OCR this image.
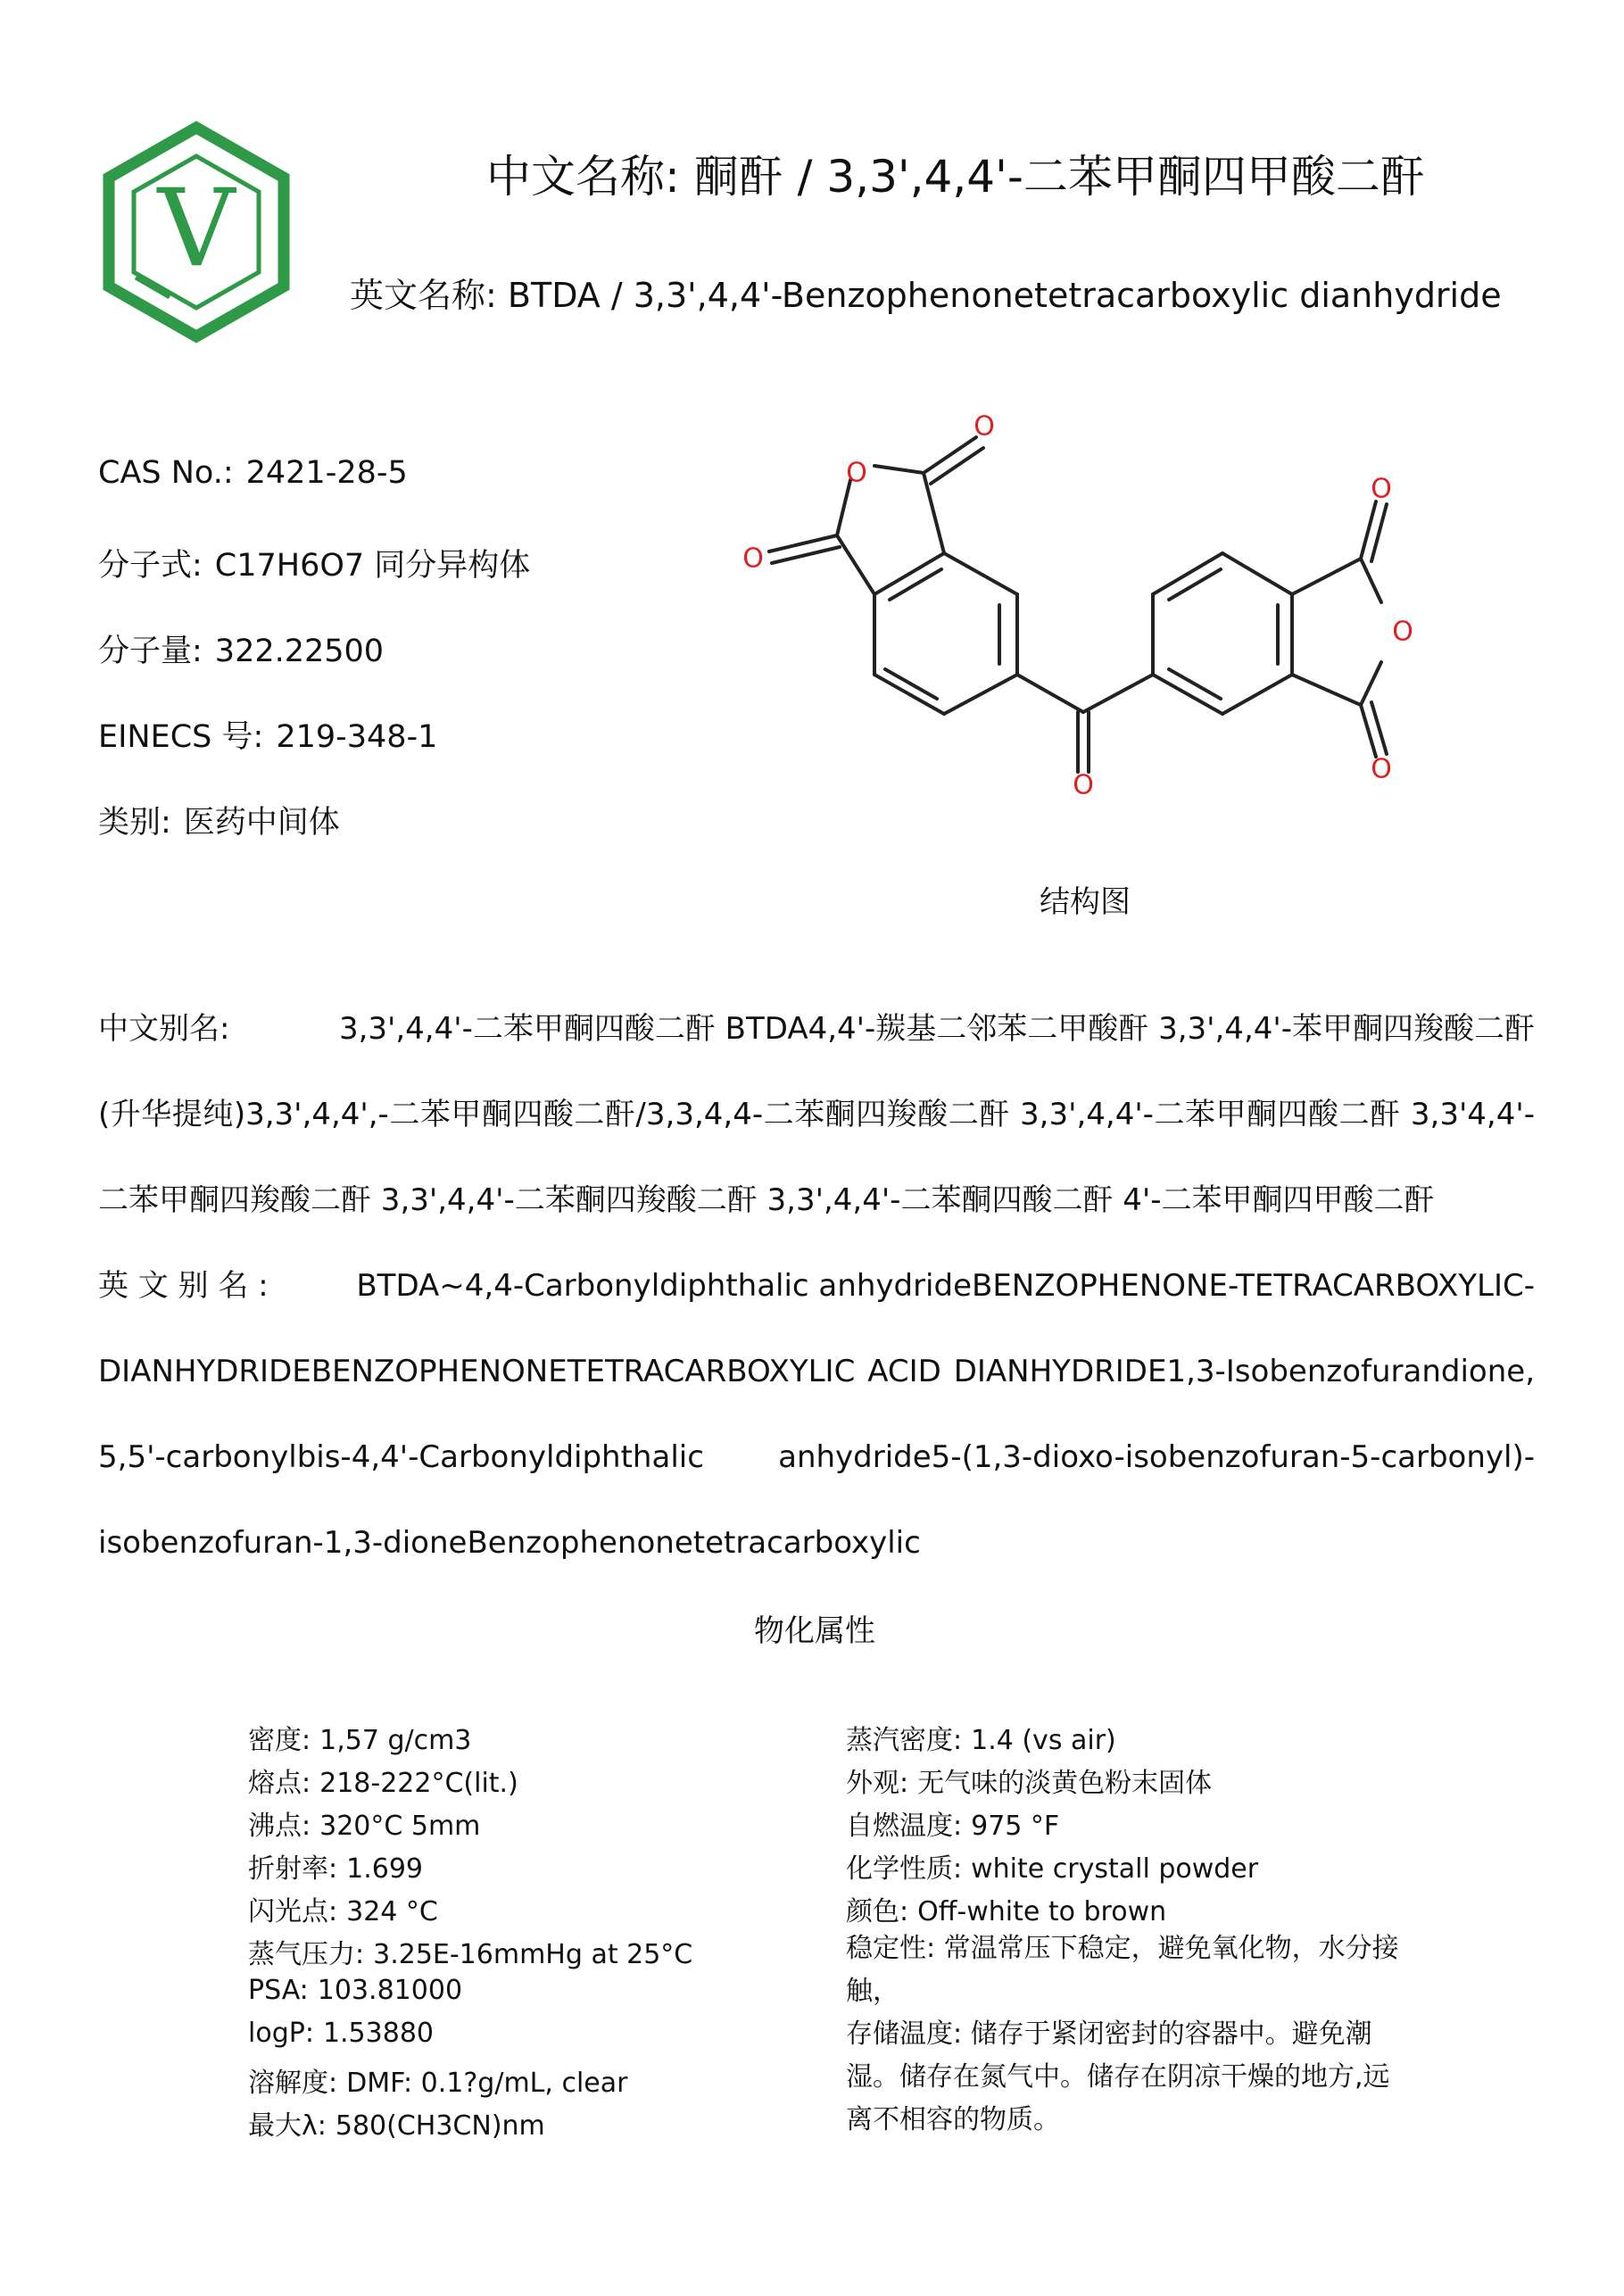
V	中文名称: 酮酐 / 3,3',4,4'-二苯甲酮四甲酸二酐
英文名称: BTDA / 3,3',4,4'-Benzophenonetetracarboxylic dianhydride
CAS No.: 2421-28-5
分子式: C17H6O7 同分异构体
分子量: 322.22500
EINECS 号: 219-348-1
类别: 医药中间体
O
O
O
O
O
O
O
结构图
中文别名:	3,3',4,4'-二苯甲酮四酸二酐 BTDA4,4'-羰基二邻苯二甲酸酐 3,3',4,4'-苯甲酮四羧酸二酐
(升华提纯)3,3',4,4',-二苯甲酮四酸二酐/3,3,4,4-二苯酮四羧酸二酐 3,3',4,4'-二苯甲酮四酸二酐 3,3'4,4'-
二苯甲酮四羧酸二酐 3,3',4,4'-二苯酮四羧酸二酐 3,3',4,4'-二苯酮四酸二酐 4'-二苯甲酮四甲酸二酐
英 文 别 名 :	BTDA~4,4-Carbonyldiphthalic anhydrideBENZOPHENONE-TETRACARBOXYLIC-
DIANHYDRIDEBENZOPHENONETETRACARBOXYLIC ACID DIANHYDRIDE1,3-Isobenzofurandione,
5,5'-carbonylbis-4,4'-Carbonyldiphthalic anhydride5-(1,3-dioxo-isobenzofuran-5-carbonyl)-
isobenzofuran-1,3-dioneBenzophenonetetracarboxylic
物化属性
密度: 1,57 g/cm3
熔点: 218-222°C(lit.)
沸点: 320°C 5mm
折射率: 1.699
闪光点: 324 °C
蒸气压力: 3.25E-16mmHg at 25°C
PSA: 103.81000
logP: 1.53880
溶解度: DMF: 0.1?g/mL, clear
最大λ: 580(CH3CN)nm
蒸汽密度: 1.4 (vs air)
外观: 无气味的淡黄色粉末固体
自燃温度: 975 °F
化学性质: white crystall powder
颜色: Off-white to brown
稳定性: 常温常压下稳定，避免氧化物，水分接触，
存储温度: 储存于紧闭密封的容器中。避免潮湿。储存在氮气中。储存在阴凉干燥的地方,远离不相容的物质。
